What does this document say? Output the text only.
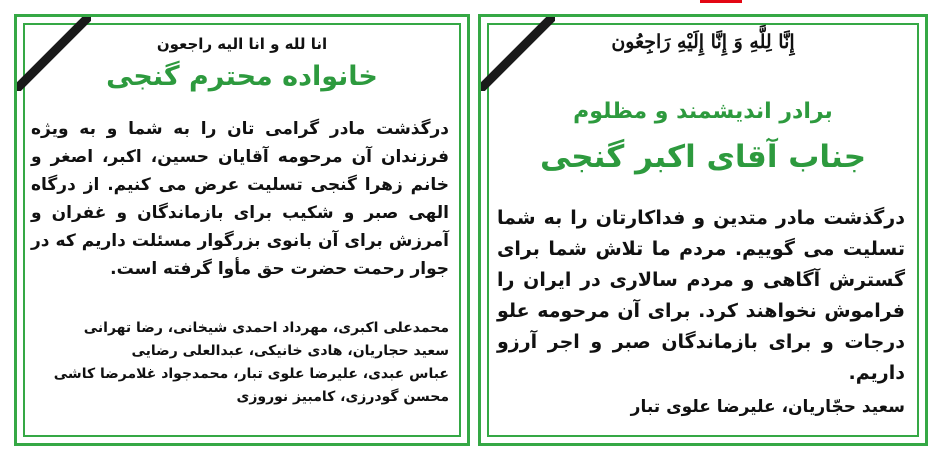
إِنَّا لِلَّهِ وَ إِنَّا إِلَيْهِ رَاجِعُون
برادر اندیشمند و مظلوم
جناب آقای اکبر گنجی
درگذشت مادر متدین و فداکارتان را به شما تسلیت می گوییم. مردم ما تلاش شما برای گسترش آگاهی و مردم سالاری در ایران را فراموش نخواهند کرد. برای آن مرحومه علو درجات و برای بازماندگان صبر و اجر آرزو داریم.
سعید حجّاریان، علیرضا علوی تبار
انا لله و انا الیه راجعون
خانواده محترم گنجی
درگذشت مادر گرامی تان را به شما و به ویژه فرزندان آن مرحومه آقایان حسین، اکبر، اصغر و خانم زهرا گنجی تسلیت عرض می کنیم. از درگاه الهی صبر و شکیب برای بازماندگان و غفران و آمرزش برای آن بانوی بزرگوار مسئلت داریم که در جوار رحمت حضرت حق مأوا گرفته است.
محمدعلی اکبری، مهرداد احمدی شیخانی، رضا تهرانی
سعید حجاریان، هادی خانیکی، عبدالعلی رضایی
عباس عبدی، علیرضا علوی تبار، محمدجواد غلامرضا کاشی
محسن گودرزی، کامبیز نوروزی
